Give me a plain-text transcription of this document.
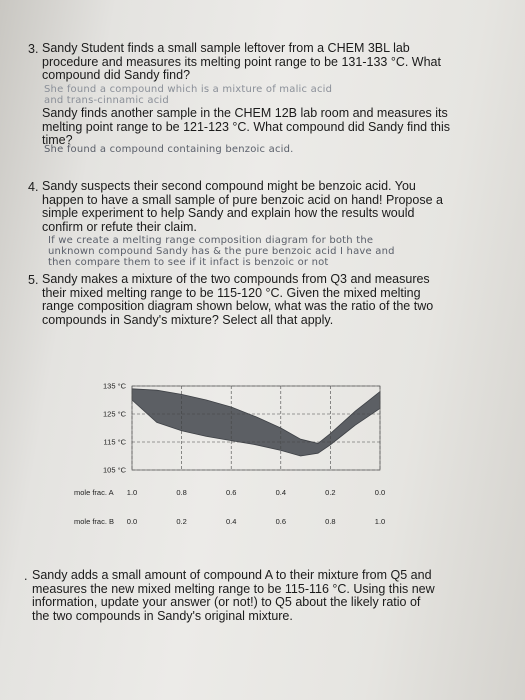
3. Sandy Student finds a small sample leftover from a CHEM 3BL lab
procedure and measures its melting point range to be 131-133 °C. What
compound did Sandy find?
She found a compound which is a mixture of malic acid
and trans-cinnamic acid
Sandy finds another sample in the CHEM 12B lab room and measures its
melting point range to be 121-123 °C. What compound did Sandy find this
time?
She found a compound containing benzoic acid.
4. Sandy suspects their second compound might be benzoic acid. You
happen to have a small sample of pure benzoic acid on hand! Propose a
simple experiment to help Sandy and explain how the results would
confirm or refute their claim.
If we create a melting range composition diagram for both the
unknown compound Sandy has & the pure benzoic acid I have and
then compare them to see if it infact is benzoic or not
5. Sandy makes a mixture of the two compounds from Q3 and measures
their mixed melting range to be 115-120 °C. Given the mixed melting
range composition diagram shown below, what was the ratio of the two
compounds in Sandy's mixture? Select all that apply.
135 °C
125 °C
115 °C
105 °C
mole frac. A
mole frac. B
1.0
0.0
0.8
0.2
0.6
0.4
0.4
0.6
0.2
0.8
0.0
1.0
. Sandy adds a small amount of compound A to their mixture from Q5 and
measures the new mixed melting range to be 115-116 °C. Using this new
information, update your answer (or not!) to Q5 about the likely ratio of
the two compounds in Sandy's original mixture.
